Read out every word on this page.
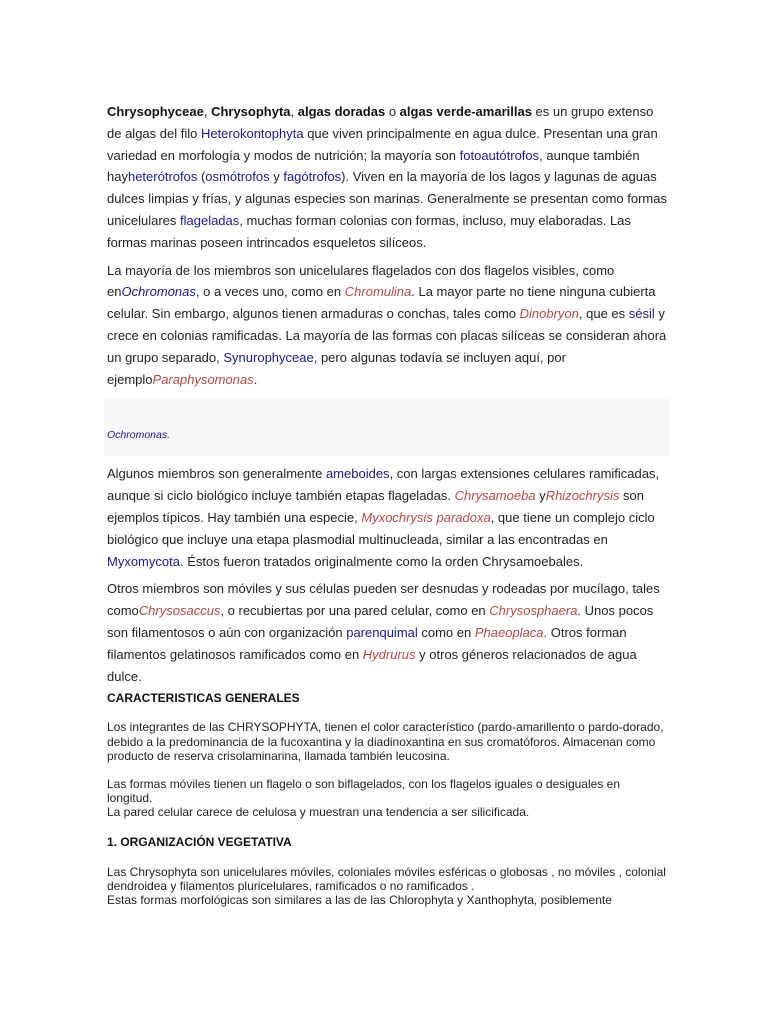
Chrysophyceae, Chrysophyta, algas doradas o algas verde-amarillas es un grupo extenso de algas del filo Heterokontophyta que viven principalmente en agua dulce. Presentan una gran variedad en morfología y modos de nutrición; la mayoría son fotoautótrofos, aunque también hayheterótrofos (osmótrofos y fagótrofos). Viven en la mayoría de los lagos y lagunas de aguas dulces limpias y frías, y algunas especies son marinas. Generalmente se presentan como formas unicelulares flageladas, muchas forman colonias con formas, incluso, muy elaboradas. Las formas marinas poseen intrincados esqueletos silíceos.

La mayoría de los miembros son unicelulares flagelados con dos flagelos visibles, como enOchromonas, o a veces uno, como en Chromulina. La mayor parte no tiene ninguna cubierta celular. Sin embargo, algunos tienen armaduras o conchas, tales como Dinobryon, que es sésil y crece en colonias ramificadas. La mayoría de las formas con placas silíceas se consideran ahora un grupo separado, Synurophyceae, pero algunas todavía se incluyen aquí, por ejemploParaphysomonas.

Ochromonas.

Algunos miembros son generalmente ameboides, con largas extensiones celulares ramificadas, aunque si ciclo biológico incluye también etapas flageladas. Chrysamoeba yRhizochrysis son ejemplos típicos. Hay también una especie, Myxochrysis paradoxa, que tiene un complejo ciclo biológico que incluye una etapa plasmodial multinucleada, similar a las encontradas en Myxomycota. Éstos fueron tratados originalmente como la orden Chrysamoebales.

Otros miembros son móviles y sus células pueden ser desnudas y rodeadas por mucílago, tales comoChrysosaccus, o recubiertas por una pared celular, como en Chrysosphaera. Unos pocos son filamentosos o aún con organización parenquimal como en Phaeoplaca. Otros forman filamentos gelatinosos ramificados como en Hydrurus y otros géneros relacionados de agua dulce.

CARACTERISTICAS GENERALES

Los integrantes de las CHRYSOPHYTA, tienen el color característico (pardo-amarillento o pardo-dorado, debido a la predominancia de la fucoxantina y la diadinoxantina en sus cromatóforos. Almacenan como producto de reserva crisolaminarina, llamada también leucosina.

Las formas móviles tienen un flagelo o son biflagelados, con los flagelos iguales o desiguales en longitud.

La pared celular carece de celulosa y muestran una tendencia a ser silicificada.

1. ORGANIZACIÓN VEGETATIVA

Las Chrysophyta son unicelulares móviles, coloniales móviles esféricas o globosas , no móviles , colonial dendroidea y filamentos pluricelulares, ramificados o no ramificados .

Estas formas morfológicas son similares a las de las Chlorophyta y Xanthophyta, posiblemente
